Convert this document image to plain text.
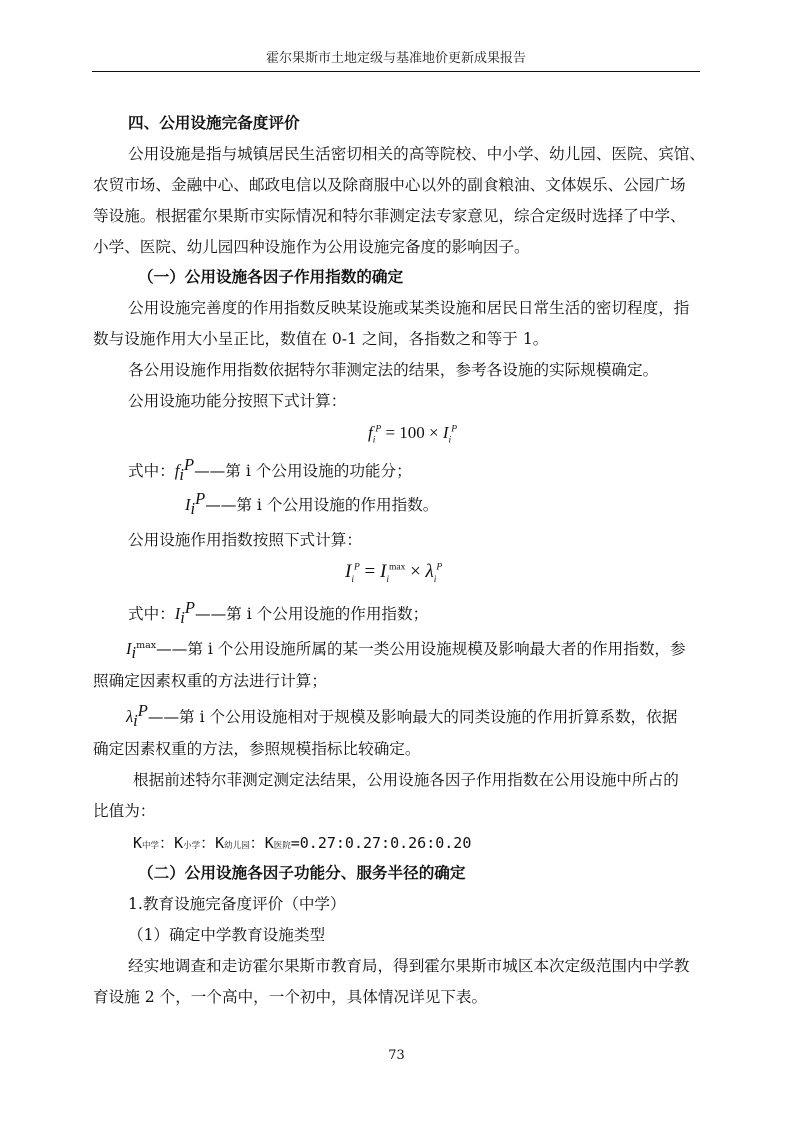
霍尔果斯市土地定级与基准地价更新成果报告
四、公用设施完备度评价
公用设施是指与城镇居民生活密切相关的高等院校、中小学、幼儿园、医院、宾馆、
农贸市场、金融中心、邮政电信以及除商服中心以外的副食粮油、文体娱乐、公园广场
等设施。根据霍尔果斯市实际情况和特尔菲测定法专家意见，综合定级时选择了中学、
小学、医院、幼儿园四种设施作为公用设施完备度的影响因子。
（一）公用设施各因子作用指数的确定
公用设施完善度的作用指数反映某设施或某类设施和居民日常生活的密切程度，指
数与设施作用大小呈正比，数值在 0-1 之间，各指数之和等于 1。
各公用设施作用指数依据特尔菲测定法的结果，参考各设施的实际规模确定。
公用设施功能分按照下式计算：
$f_i^P = 100 \times I_i^P$
式中：$f_i^P——$第 i 个公用设施的功能分；
$I_i^P——$第 i 个公用设施的作用指数。
公用设施作用指数按照下式计算：
$I_i^P = I_i^{max} \times \lambda_i^P$
式中：$I_i^P——$第 i 个公用设施的作用指数；
$I_i^{max}——$第 i 个公用设施所属的某一类公用设施规模及影响最大者的作用指数，参
照确定因素权重的方法进行计算；
$\lambda_i^P——$第 i 个公用设施相对于规模及影响最大的同类设施的作用折算系数，依据
确定因素权重的方法，参照规模指标比较确定。
根据前述特尔菲测定测定法结果，公用设施各因子作用指数在公用设施中所占的
比值为：
K中学：K小学：K幼儿园：K医院=0.27:0.27:0.26:0.20
（二）公用设施各因子功能分、服务半径的确定
1.教育设施完备度评价（中学）
（1）确定中学教育设施类型
经实地调查和走访霍尔果斯市教育局，得到霍尔果斯市城区本次定级范围内中学教
育设施 2 个，一个高中，一个初中，具体情况详见下表。
73
